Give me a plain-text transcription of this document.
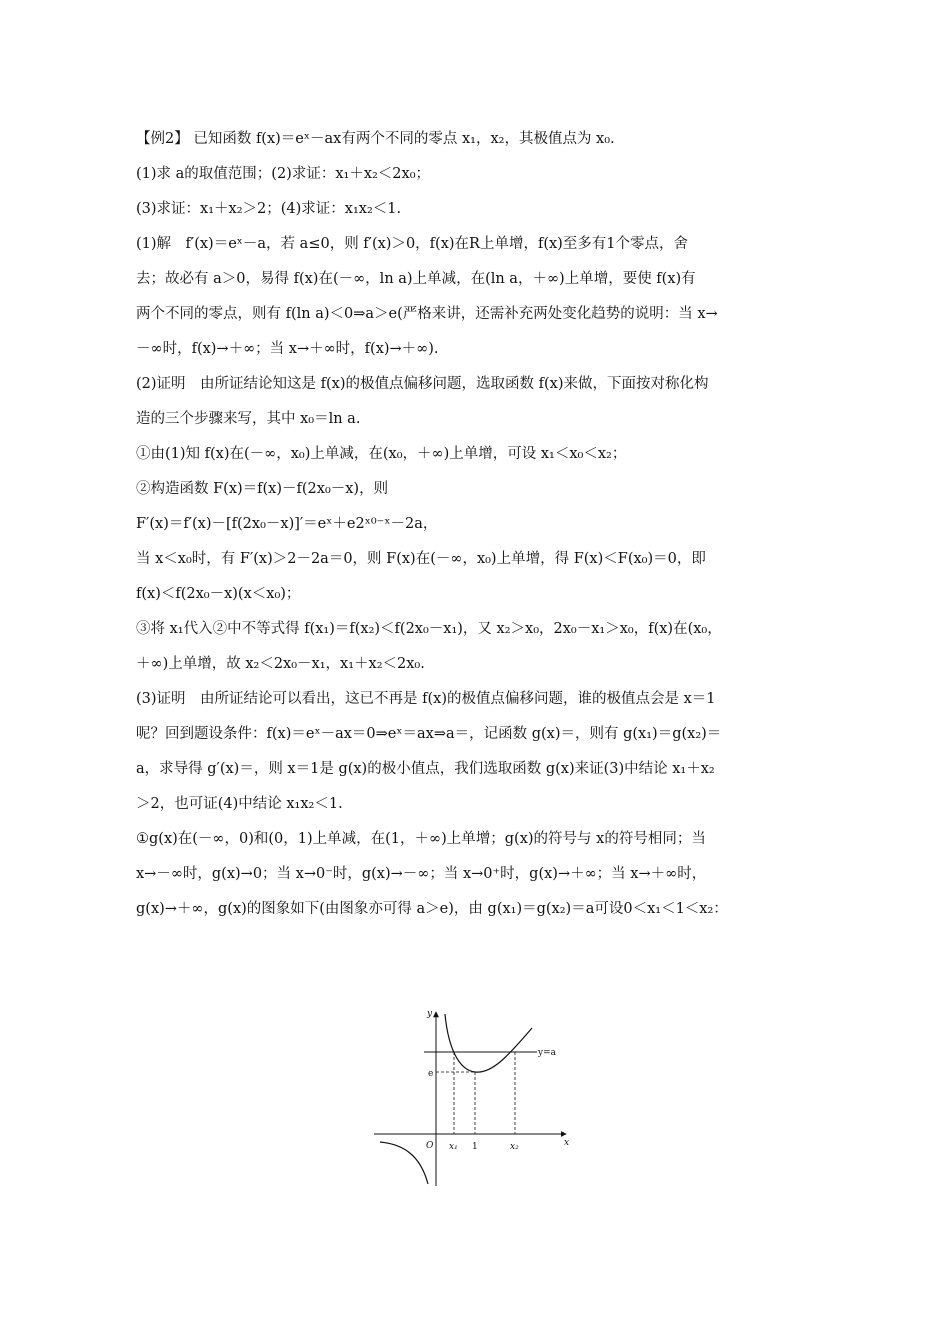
【例2】 已知函数 f(x)＝eˣ－ax有两个不同的零点 x₁，x₂，其极值点为 x₀.
(1)求 a的取值范围；(2)求证：x₁＋x₂＜2x₀；
(3)求证：x₁＋x₂＞2；(4)求证：x₁x₂＜1.
(1)解　f′(x)＝eˣ－a，若 a≤0，则 f′(x)＞0，f(x)在R上单增，f(x)至多有1个零点，舍
去；故必有 a＞0，易得 f(x)在(－∞，ln a)上单减，在(ln a，＋∞)上单增，要使 f(x)有
两个不同的零点，则有 f(ln a)＜0⇒a＞e(严格来讲，还需补充两处变化趋势的说明：当 x→
－∞时，f(x)→＋∞；当 x→＋∞时，f(x)→＋∞).
(2)证明　由所证结论知这是 f(x)的极值点偏移问题，选取函数 f(x)来做，下面按对称化构
造的三个步骤来写，其中 x₀＝ln a.
①由(1)知 f(x)在(－∞，x₀)上单减，在(x₀，＋∞)上单增，可设 x₁＜x₀＜x₂；
②构造函数 F(x)＝f(x)－f(2x₀－x)，则
F′(x)＝f′(x)－[f(2x₀－x)]′＝eˣ＋e2ˣ⁰⁻ˣ－2a，
当 x＜x₀时，有 F′(x)＞2－2a＝0，则 F(x)在(－∞，x₀)上单增，得 F(x)＜F(x₀)＝0，即
f(x)＜f(2x₀－x)(x＜x₀)；
③将 x₁代入②中不等式得 f(x₁)＝f(x₂)＜f(2x₀－x₁)，又 x₂＞x₀，2x₀－x₁＞x₀，f(x)在(x₀，
＋∞)上单增，故 x₂＜2x₀－x₁，x₁＋x₂＜2x₀.
(3)证明　由所证结论可以看出，这已不再是 f(x)的极值点偏移问题，谁的极值点会是 x＝1
呢？回到题设条件：f(x)＝eˣ－ax＝0⇒eˣ＝ax⇒a＝，记函数 g(x)＝，则有 g(x₁)＝g(x₂)＝
a，求导得 g′(x)＝，则 x＝1是 g(x)的极小值点，我们选取函数 g(x)来证(3)中结论 x₁＋x₂
＞2，也可证(4)中结论 x₁x₂＜1.
①g(x)在(－∞，0)和(0，1)上单减，在(1，＋∞)上单增；g(x)的符号与 x的符号相同；当
x→－∞时，g(x)→0；当 x→0⁻时，g(x)→－∞；当 x→0⁺时，g(x)→＋∞；当 x→＋∞时，
g(x)→＋∞，g(x)的图象如下(由图象亦可得 a＞e)，由 g(x₁)＝g(x₂)＝a可设0＜x₁＜1＜x₂：
y
x
O
y=a
e
x₁ 1	x₂
